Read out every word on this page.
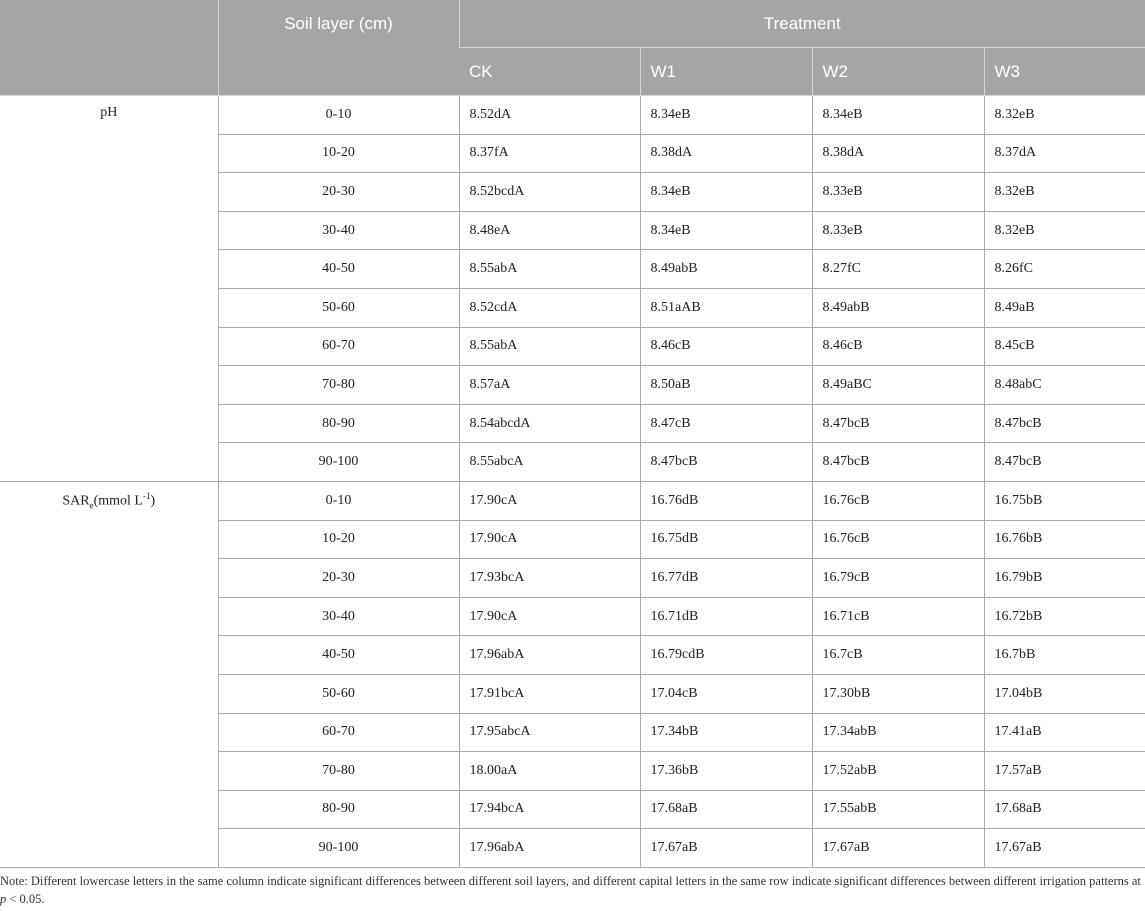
	Soil layer (cm)	Treatment			
		CK	W1	W2	W3
pH	0-10	8.52dA	8.34eB	8.34eB	8.32eB
	10-20	8.37fA	8.38dA	8.38dA	8.37dA
	20-30	8.52bcdA	8.34eB	8.33eB	8.32eB
	30-40	8.48eA	8.34eB	8.33eB	8.32eB
	40-50	8.55abA	8.49abB	8.27fC	8.26fC
	50-60	8.52cdA	8.51aAB	8.49abB	8.49aB
	60-70	8.55abA	8.46cB	8.46cB	8.45cB
	70-80	8.57aA	8.50aB	8.49aBC	8.48abC
	80-90	8.54abcdA	8.47cB	8.47bcB	8.47bcB
	90-100	8.55abcA	8.47bcB	8.47bcB	8.47bcB
$SAR_e(mmol$ $L^{-1}$)	0-10	17.90cA	16.76dB	16.76cB	16.75bB
	10-20	17.90cA	16.75dB	16.76cB	16.76bB
	20-30	17.93bcA	16.77dB	16.79cB	16.79bB
	30-40	17.90cA	16.71dB	16.71cB	16.72bB
	40-50	17.96abA	16.79cdB	16.7cB	16.7bB
	50-60	17.91bcA	17.04cB	17.30bB	17.04bB
	60-70	17.95abcA	17.34bB	17.34abB	17.41aB
	70-80	18.00aA	17.36bB	17.52abB	17.57aB
	80-90	17.94bcA	17.68aB	17.55abB	17.68aB
	90-100	17.96abA	17.67aB	17.67aB	17.67aB

Note: Different lowercase letters in the same column indicate significant differences between different soil layers, and different capital letters in the same row indicate significant differences between different irrigation patterns at p < 0.05.
